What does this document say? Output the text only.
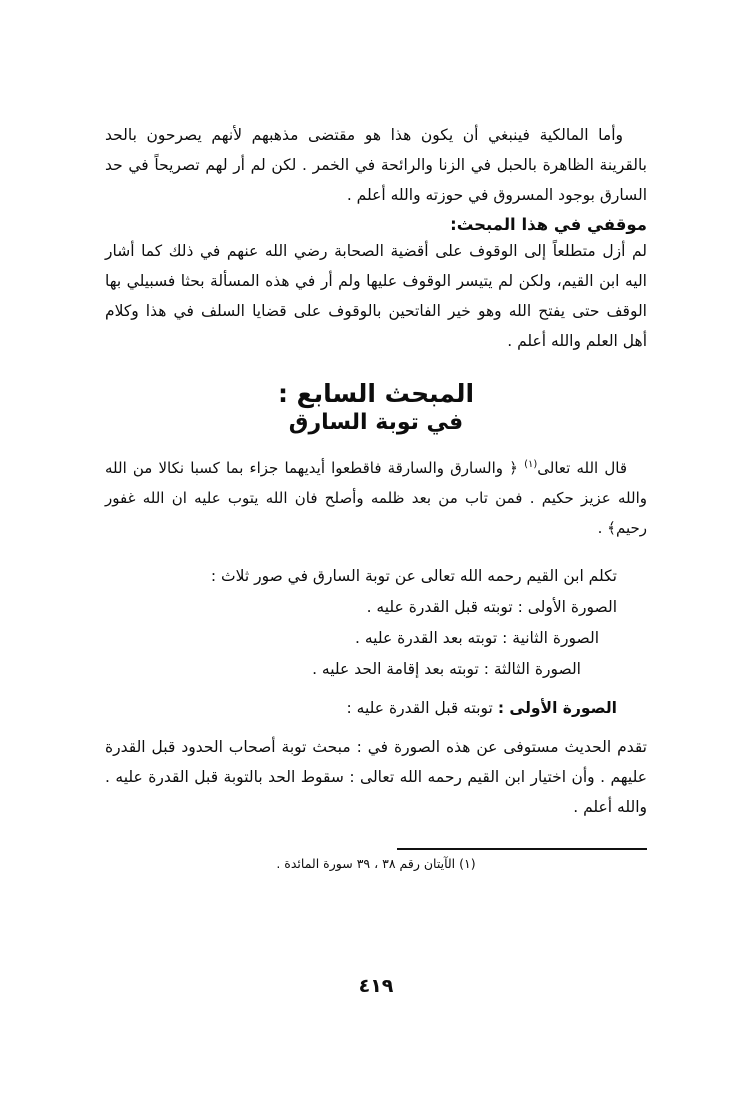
وأما المالكية فينبغي أن يكون هذا هو مقتضى مذهبهم لأنهم يصرحون بالحد بالقرينة الظاهرة بالحبل في الزنا والرائحة في الخمر . لكن لم أر لهم تصريحاً في حد السارق بوجود المسروق في حوزته والله أعلم .

موقفي في هذا المبحث:

لم أزل متطلعاً إلى الوقوف على أقضية الصحابة رضي الله عنهم في ذلك كما أشار اليه ابن القيم، ولكن لم يتيسر الوقوف عليها ولم أر في هذه المسألة بحثا فسبيلي بها الوقف حتى يفتح الله وهو خير الفاتحين بالوقوف على قضايا السلف في هذا وكلام أهل العلم والله أعلم .

المبحث السابع :
في توبة السارق

قال الله تعالى$^{(١)}$ ﴿ والسارق والسارقة فاقطعوا أيديهما جزاء بما كسبا نكالا من الله والله عزيز حكيم . فمن تاب من بعد ظلمه وأصلح فان الله يتوب عليه ان الله غفور رحيم﴾ .

تكلم ابن القيم رحمه الله تعالى عن توبة السارق في صور ثلاث :

الصورة الأولى : توبته قبل القدرة عليه .

الصورة الثانية : توبته بعد القدرة عليه .

الصورة الثالثة : توبته بعد إقامة الحد عليه .

الصورة الأولى : توبته قبل القدرة عليه :

تقدم الحديث مستوفى عن هذه الصورة في : مبحث توبة أصحاب الحدود قبل القدرة عليهم . وأن اختيار ابن القيم رحمه الله تعالى : سقوط الحد بالتوبة قبل القدرة عليه . والله أعلم .

(١) الآيتان رقم ٣٨ ، ٣٩ سورة المائدة .

٤١٩
